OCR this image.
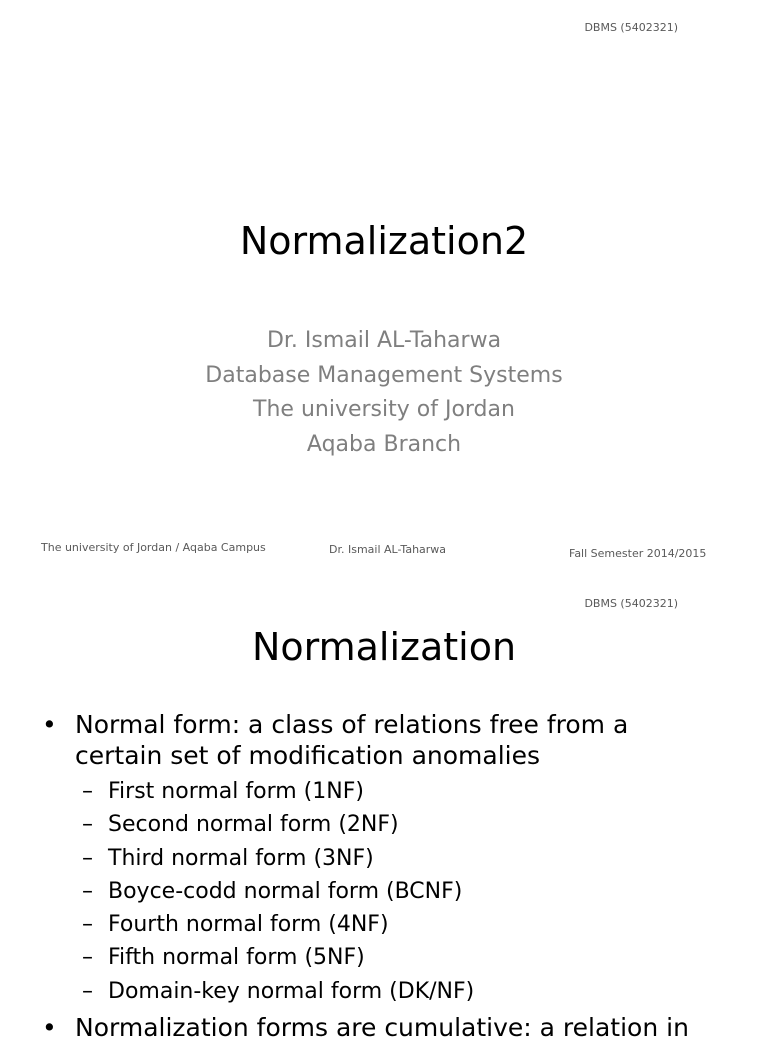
DBMS (5402321)
Normalization2
Dr. Ismail AL-Taharwa
Database Management Systems
The university of Jordan
Aqaba Branch
The university of Jordan / Aqaba Campus	Dr. Ismail AL-Taharwa	Fall Semester 2014/2015
DBMS (5402321)
Normalization
• Normal form: a class of relations free from a certain set of modification anomalies
– First normal form (1NF)
– Second normal form (2NF)
– Third normal form (3NF)
– Boyce-codd normal form (BCNF)
– Fourth normal form (4NF)
– Fifth normal form (5NF)
– Domain-key normal form (DK/NF)
• Normalization forms are cumulative: a relation in
